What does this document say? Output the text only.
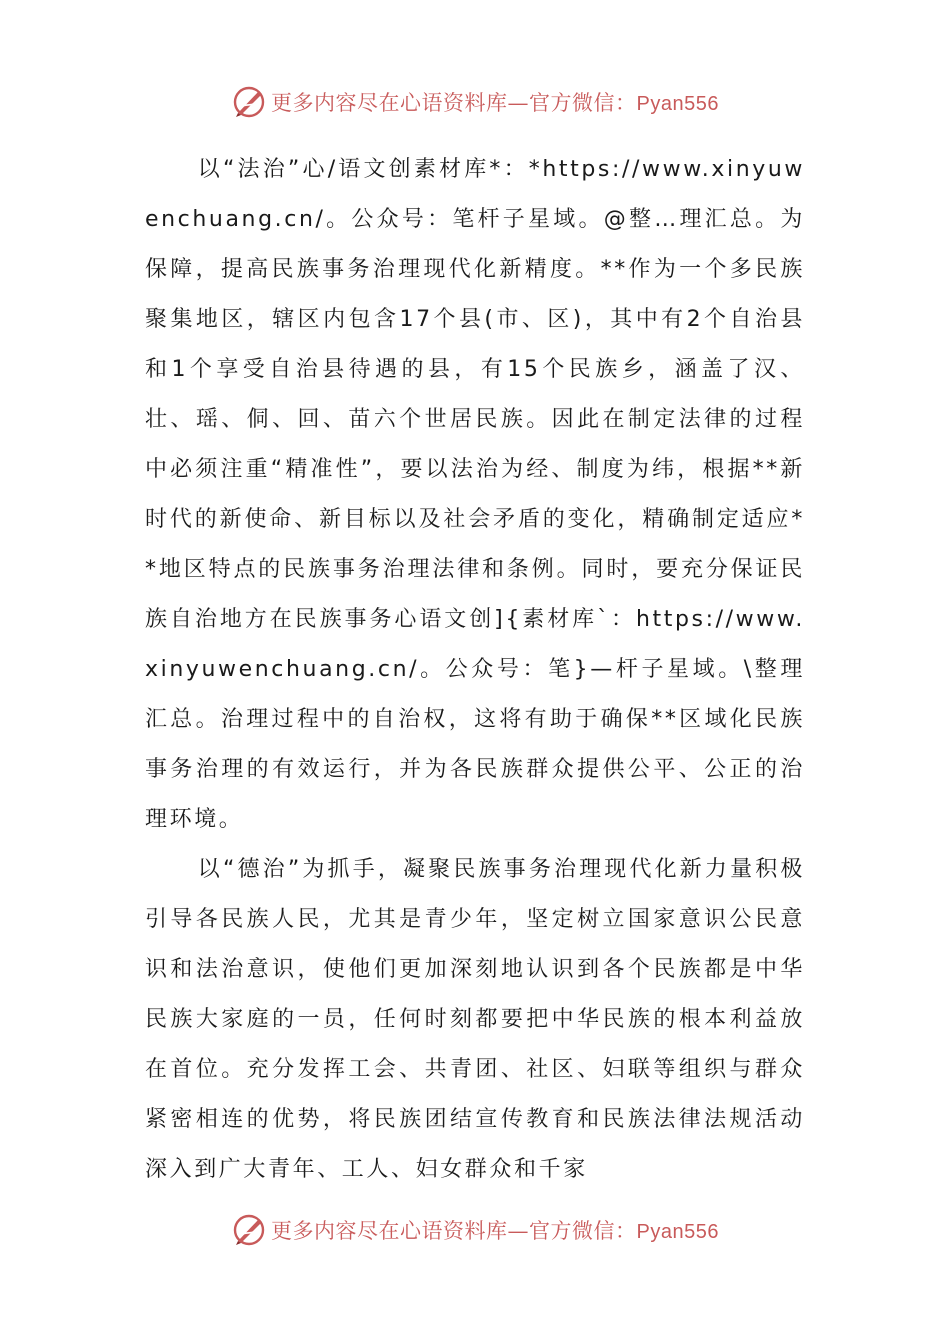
更多内容尽在心语资料库—官方微信：Pyan556

以“法治”心/语文创素材库*：*https://www.xinyuwenchuang.cn/。公众号：笔杆子星域。@整…理汇总。为保障，提高民族事务治理现代化新精度。**作为一个多民族聚集地区，辖区内包含17个县(市、区)，其中有2个自治县和1个享受自治县待遇的县，有15个民族乡，涵盖了汉、壮、瑶、侗、回、苗六个世居民族。因此在制定法律的过程中必须注重“精准性”，要以法治为经、制度为纬，根据**新时代的新使命、新目标以及社会矛盾的变化，精确制定适应**地区特点的民族事务治理法律和条例。同时，要充分保证民族自治地方在民族事务心语文创]{素材库`：https://www.xinyuwenchuang.cn/。公众号：笔}—杆子星域。\整理汇总。治理过程中的自治权，这将有助于确保**区域化民族事务治理的有效运行，并为各民族群众提供公平、公正的治理环境。

以“德治”为抓手，凝聚民族事务治理现代化新力量积极引导各民族人民，尤其是青少年，坚定树立国家意识公民意识和法治意识，使他们更加深刻地认识到各个民族都是中华民族大家庭的一员，任何时刻都要把中华民族的根本利益放在首位。充分发挥工会、共青团、社区、妇联等组织与群众紧密相连的优势，将民族团结宣传教育和民族法律法规活动深入到广大青年、工人、妇女群众和千家

更多内容尽在心语资料库—官方微信：Pyan556
